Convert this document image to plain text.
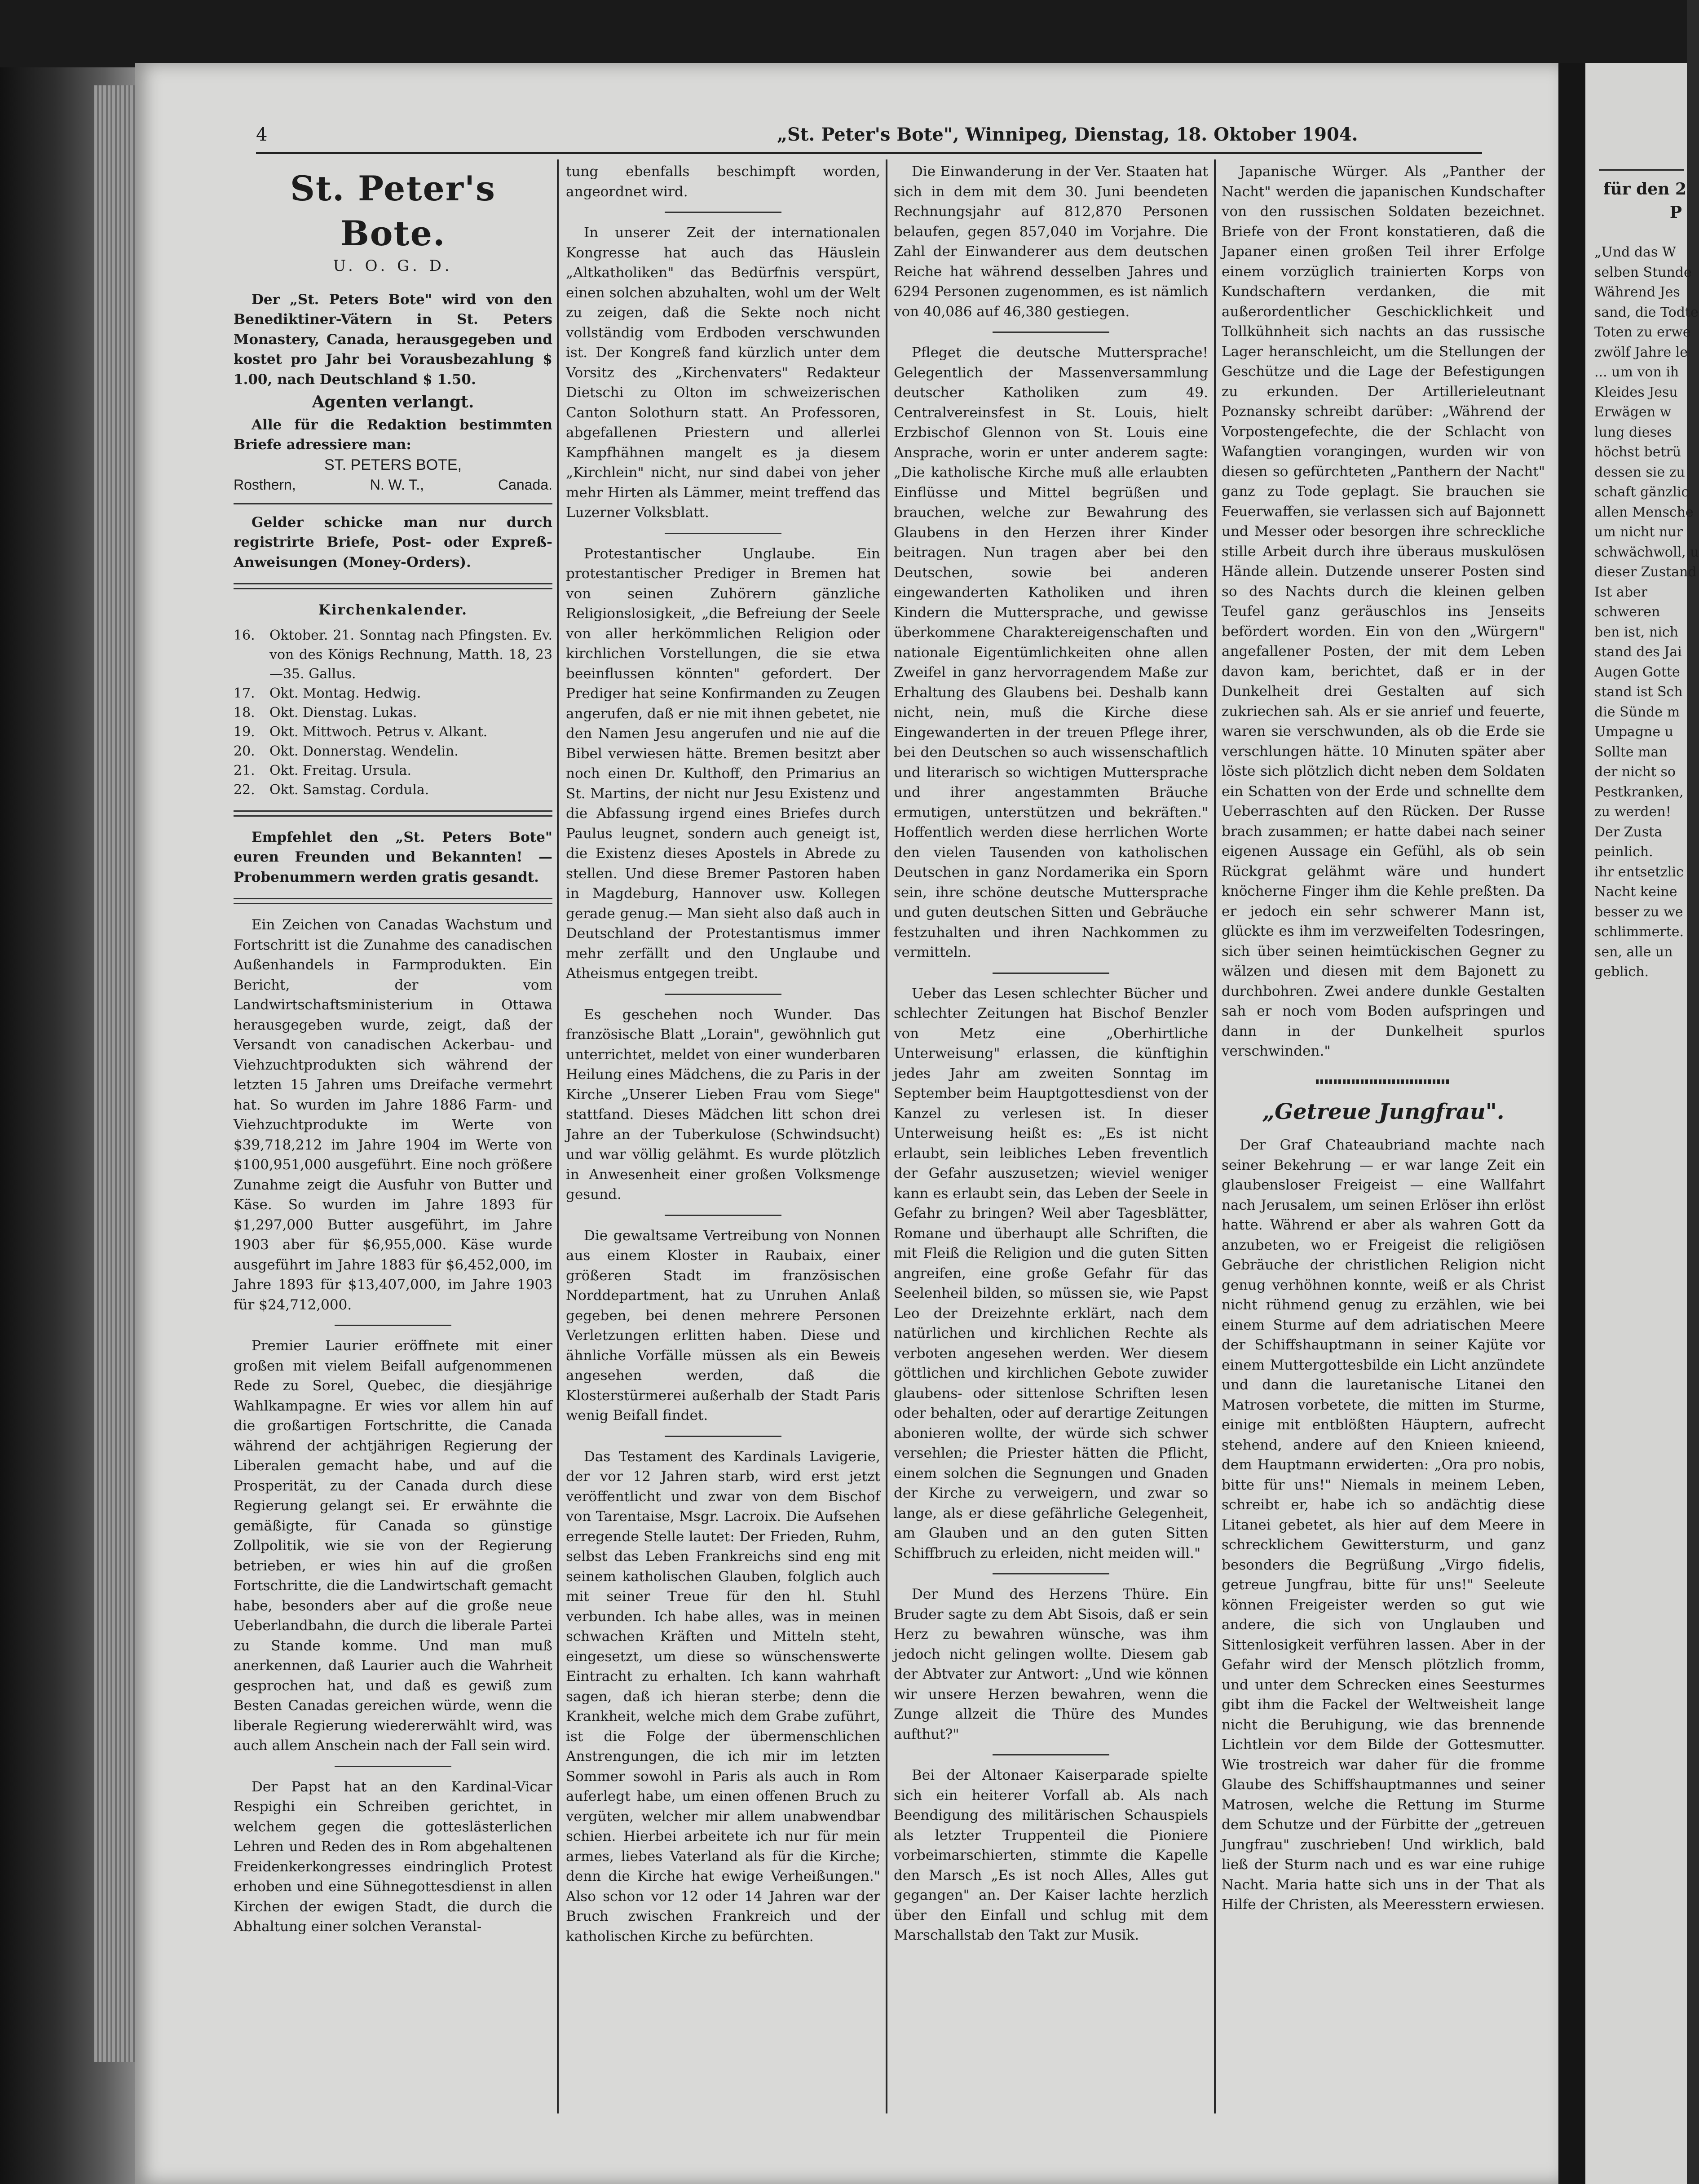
4	„St. Peter's Bote", Winnipeg, Dienstag, 18. Oktober 1904.
St. Peter's Bote.
U. O. G. D.
Der „St. Peters Bote" wird von den Benediktiner-Vätern in St. Peters Monastery, Canada, herausgegeben und kostet pro Jahr bei Vorausbezahlung $ 1.00, nach Deutschland $ 1.50.
Agenten verlangt.
Alle für die Redaktion bestimmten Briefe adressiere man:
ST. PETERS BOTE,
Rosthern,	N. W. T.,	Canada.
Gelder schicke man nur durch registrirte Briefe, Post- oder Expreß-Anweisungen (Money-Orders).
Kirchenkalender.
16.	Oktober. 21. Sonntag nach Pfingsten. Ev. von des Königs Rechnung, Matth. 18, 23—35. Gallus.
17.	Okt. Montag. Hedwig.
18.	Okt. Dienstag. Lukas.
19.	Okt. Mittwoch. Petrus v. Alkant.
20.	Okt. Donnerstag. Wendelin.
21.	Okt. Freitag. Ursula.
22.	Okt. Samstag. Cordula.
Empfehlet den „St. Peters Bote" euren Freunden und Bekannten! — Probenummern werden gratis gesandt.

Ein Zeichen von Canadas Wachstum und Fortschritt ist die Zunahme des canadischen Außenhandels in Farmprodukten. Ein Bericht, der vom Landwirtschaftsministerium in Ottawa herausgegeben wurde, zeigt, daß der Versandt von canadischen Ackerbau- und Viehzuchtprodukten sich während der letzten 15 Jahren ums Dreifache vermehrt hat. So wurden im Jahre 1886 Farm- und Viehzuchtprodukte im Werte von $39,718,212 im Jahre 1904 im Werte von $100,951,000 ausgeführt. Eine noch größere Zunahme zeigt die Ausfuhr von Butter und Käse. So wurden im Jahre 1893 für $1,297,000 Butter ausgeführt, im Jahre 1903 aber für $6,955,000. Käse wurde ausgeführt im Jahre 1883 für $6,452,000, im Jahre 1893 für $13,407,000, im Jahre 1903 für $24,712,000.

Premier Laurier eröffnete mit einer großen mit vielem Beifall aufgenommenen Rede zu Sorel, Quebec, die diesjährige Wahlkampagne. Er wies vor allem hin auf die großartigen Fortschritte, die Canada während der achtjährigen Regierung der Liberalen gemacht habe, und auf die Prosperität, zu der Canada durch diese Regierung gelangt sei. Er erwähnte die gemäßigte, für Canada so günstige Zollpolitik, wie sie von der Regierung betrieben, er wies hin auf die großen Fortschritte, die die Landwirtschaft gemacht habe, besonders aber auf die große neue Ueberlandbahn, die durch die liberale Partei zu Stande komme. Und man muß anerkennen, daß Laurier auch die Wahrheit gesprochen hat, und daß es gewiß zum Besten Canadas gereichen würde, wenn die liberale Regierung wiedererwählt wird, was auch allem Anschein nach der Fall sein wird.

Der Papst hat an den Kardinal-Vicar Respighi ein Schreiben gerichtet, in welchem gegen die gotteslästerlichen Lehren und Reden des in Rom abgehaltenen Freidenkerkongresses eindringlich Protest erhoben und eine Sühnegottesdienst in allen Kirchen der ewigen Stadt, die durch die Abhaltung einer solchen Veranstal-

tung ebenfalls beschimpft worden, angeordnet wird.

In unserer Zeit der internationalen Kongresse hat auch das Häuslein „Altkatholiken" das Bedürfnis verspürt, einen solchen abzuhalten, wohl um der Welt zu zeigen, daß die Sekte noch nicht vollständig vom Erdboden verschwunden ist. Der Kongreß fand kürzlich unter dem Vorsitz des „Kirchenvaters" Redakteur Dietschi zu Olton im schweizerischen Canton Solothurn statt. An Professoren, abgefallenen Priestern und allerlei Kampfhähnen mangelt es ja diesem „Kirchlein" nicht, nur sind dabei von jeher mehr Hirten als Lämmer, meint treffend das Luzerner Volksblatt.

Protestantischer Unglaube. Ein protestantischer Prediger in Bremen hat von seinen Zuhörern gänzliche Religionslosigkeit, „die Befreiung der Seele von aller herkömmlichen Religion oder kirchlichen Vorstellungen, die sie etwa beeinflussen könnten" gefordert. Der Prediger hat seine Konfirmanden zu Zeugen angerufen, daß er nie mit ihnen gebetet, nie den Namen Jesu angerufen und nie auf die Bibel verwiesen hätte. Bremen besitzt aber noch einen Dr. Kulthoff, den Primarius an St. Martins, der nicht nur Jesu Existenz und die Abfassung irgend eines Briefes durch Paulus leugnet, sondern auch geneigt ist, die Existenz dieses Apostels in Abrede zu stellen. Und diese Bremer Pastoren haben in Magdeburg, Hannover usw. Kollegen gerade genug.— Man sieht also daß auch in Deutschland der Protestantismus immer mehr zerfällt und den Unglaube und Atheismus entgegen treibt.

Es geschehen noch Wunder. Das französische Blatt „Lorain", gewöhnlich gut unterrichtet, meldet von einer wunderbaren Heilung eines Mädchens, die zu Paris in der Kirche „Unserer Lieben Frau vom Siege" stattfand. Dieses Mädchen litt schon drei Jahre an der Tuberkulose (Schwindsucht) und war völlig gelähmt. Es wurde plötzlich in Anwesenheit einer großen Volksmenge gesund.

Die gewaltsame Vertreibung von Nonnen aus einem Kloster in Raubaix, einer größeren Stadt im französischen Norddepartment, hat zu Unruhen Anlaß gegeben, bei denen mehrere Personen Verletzungen erlitten haben. Diese und ähnliche Vorfälle müssen als ein Beweis angesehen werden, daß die Klosterstürmerei außerhalb der Stadt Paris wenig Beifall findet.

Das Testament des Kardinals Lavigerie, der vor 12 Jahren starb, wird erst jetzt veröffentlicht und zwar von dem Bischof von Tarentaise, Msgr. Lacroix. Die Aufsehen erregende Stelle lautet: Der Frieden, Ruhm, selbst das Leben Frankreichs sind eng mit seinem katholischen Glauben, folglich auch mit seiner Treue für den hl. Stuhl verbunden. Ich habe alles, was in meinen schwachen Kräften und Mitteln steht, eingesetzt, um diese so wünschenswerte Eintracht zu erhalten. Ich kann wahrhaft sagen, daß ich hieran sterbe; denn die Krankheit, welche mich dem Grabe zuführt, ist die Folge der übermenschlichen Anstrengungen, die ich mir im letzten Sommer sowohl in Paris als auch in Rom auferlegt habe, um einen offenen Bruch zu vergüten, welcher mir allem unabwendbar schien. Hierbei arbeitete ich nur für mein armes, liebes Vaterland als für die Kirche; denn die Kirche hat ewige Verheißungen." Also schon vor 12 oder 14 Jahren war der Bruch zwischen Frankreich und der katholischen Kirche zu befürchten.

Die Einwanderung in der Ver. Staaten hat sich in dem mit dem 30. Juni beendeten Rechnungsjahr auf 812,870 Personen belaufen, gegen 857,040 im Vorjahre. Die Zahl der Einwanderer aus dem deutschen Reiche hat während desselben Jahres und 6294 Personen zugenommen, es ist nämlich von 40,086 auf 46,380 gestiegen.

Pfleget die deutsche Muttersprache! Gelegentlich der Massenversammlung deutscher Katholiken zum 49. Centralvereinsfest in St. Louis, hielt Erzbischof Glennon von St. Louis eine Ansprache, worin er unter anderem sagte: „Die katholische Kirche muß alle erlaubten Einflüsse und Mittel begrüßen und brauchen, welche zur Bewahrung des Glaubens in den Herzen ihrer Kinder beitragen. Nun tragen aber bei den Deutschen, sowie bei anderen eingewanderten Katholiken und ihren Kindern die Muttersprache, und gewisse überkommene Charaktereigenschaften und nationale Eigentümlichkeiten ohne allen Zweifel in ganz hervorragendem Maße zur Erhaltung des Glaubens bei. Deshalb kann nicht, nein, muß die Kirche diese Eingewanderten in der treuen Pflege ihrer, bei den Deutschen so auch wissenschaftlich und literarisch so wichtigen Muttersprache und ihrer angestammten Bräuche ermutigen, unterstützen und bekräften." Hoffentlich werden diese herrlichen Worte den vielen Tausenden von katholischen Deutschen in ganz Nordamerika ein Sporn sein, ihre schöne deutsche Muttersprache und guten deutschen Sitten und Gebräuche festzuhalten und ihren Nachkommen zu vermitteln.

Ueber das Lesen schlechter Bücher und schlechter Zeitungen hat Bischof Benzler von Metz eine „Oberhirtliche Unterweisung" erlassen, die künftighin jedes Jahr am zweiten Sonntag im September beim Hauptgottesdienst von der Kanzel zu verlesen ist. In dieser Unterweisung heißt es: „Es ist nicht erlaubt, sein leibliches Leben freventlich der Gefahr auszusetzen; wieviel weniger kann es erlaubt sein, das Leben der Seele in Gefahr zu bringen? Weil aber Tagesblätter, Romane und überhaupt alle Schriften, die mit Fleiß die Religion und die guten Sitten angreifen, eine große Gefahr für das Seelenheil bilden, so müssen sie, wie Papst Leo der Dreizehnte erklärt, nach dem natürlichen und kirchlichen Rechte als verboten angesehen werden. Wer diesem göttlichen und kirchlichen Gebote zuwider glaubens- oder sittenlose Schriften lesen oder behalten, oder auf derartige Zeitungen abonieren wollte, der würde sich schwer versehlen; die Priester hätten die Pflicht, einem solchen die Segnungen und Gnaden der Kirche zu verweigern, und zwar so lange, als er diese gefährliche Gelegenheit, am Glauben und an den guten Sitten Schiffbruch zu erleiden, nicht meiden will."

Der Mund des Herzens Thüre. Ein Bruder sagte zu dem Abt Sisois, daß er sein Herz zu bewahren wünsche, was ihm jedoch nicht gelingen wollte. Diesem gab der Abtvater zur Antwort: „Und wie können wir unsere Herzen bewahren, wenn die Zunge allzeit die Thüre des Mundes aufthut?"

Bei der Altonaer Kaiserparade spielte sich ein heiterer Vorfall ab. Als nach Beendigung des militärischen Schauspiels als letzter Truppenteil die Pioniere vorbeimarschierten, stimmte die Kapelle den Marsch „Es ist noch Alles, Alles gut gegangen" an. Der Kaiser lachte herzlich über den Einfall und schlug mit dem Marschallstab den Takt zur Musik.

Japanische Würger. Als „Panther der Nacht" werden die japanischen Kundschafter von den russischen Soldaten bezeichnet. Briefe von der Front konstatieren, daß die Japaner einen großen Teil ihrer Erfolge einem vorzüglich trainierten Korps von Kundschaftern verdanken, die mit außerordentlicher Geschicklichkeit und Tollkühnheit sich nachts an das russische Lager heranschleicht, um die Stellungen der Geschütze und die Lage der Befestigungen zu erkunden. Der Artillerieleutnant Poznansky schreibt darüber: „Während der Vorpostengefechte, die der Schlacht von Wafangtien vorangingen, wurden wir von diesen so gefürchteten „Panthern der Nacht" ganz zu Tode geplagt. Sie brauchen sie Feuerwaffen, sie verlassen sich auf Bajonnett und Messer oder besorgen ihre schreckliche stille Arbeit durch ihre überaus muskulösen Hände allein. Dutzende unserer Posten sind so des Nachts durch die kleinen gelben Teufel ganz geräuschlos ins Jenseits befördert worden. Ein von den „Würgern" angefallener Posten, der mit dem Leben davon kam, berichtet, daß er in der Dunkelheit drei Gestalten auf sich zukriechen sah. Als er sie anrief und feuerte, waren sie verschwunden, als ob die Erde sie verschlungen hätte. 10 Minuten später aber löste sich plötzlich dicht neben dem Soldaten ein Schatten von der Erde und schnellte dem Ueberraschten auf den Rücken. Der Russe brach zusammen; er hatte dabei nach seiner eigenen Aussage ein Gefühl, als ob sein Rückgrat gelähmt wäre und hundert knöcherne Finger ihm die Kehle preßten. Da er jedoch ein sehr schwerer Mann ist, glückte es ihm im verzweifelten Todesringen, sich über seinen heimtückischen Gegner zu wälzen und diesen mit dem Bajonett zu durchbohren. Zwei andere dunkle Gestalten sah er noch vom Boden aufspringen und dann in der Dunkelheit spurlos verschwinden."

„Getreue Jungfrau".

Der Graf Chateaubriand machte nach seiner Bekehrung — er war lange Zeit ein glaubensloser Freigeist — eine Wallfahrt nach Jerusalem, um seinen Erlöser ihn erlöst hatte. Während er aber als wahren Gott da anzubeten, wo er Freigeist die religiösen Gebräuche der christlichen Religion nicht genug verhöhnen konnte, weiß er als Christ nicht rühmend genug zu erzählen, wie bei einem Sturme auf dem adriatischen Meere der Schiffshauptmann in seiner Kajüte vor einem Muttergottesbilde ein Licht anzündete und dann die lauretanische Litanei den Matrosen vorbetete, die mitten im Sturme, einige mit entblößten Häuptern, aufrecht stehend, andere auf den Knieen knieend, dem Hauptmann erwiderten: „Ora pro nobis, bitte für uns!" Niemals in meinem Leben, schreibt er, habe ich so andächtig diese Litanei gebetet, als hier auf dem Meere in schrecklichem Gewittersturm, und ganz besonders die Begrüßung „Virgo fidelis, getreue Jungfrau, bitte für uns!" Seeleute können Freigeister werden so gut wie andere, die sich von Unglauben und Sittenlosigkeit verführen lassen. Aber in der Gefahr wird der Mensch plötzlich fromm, und unter dem Schrecken eines Seesturmes gibt ihm die Fackel der Weltweisheit lange nicht die Beruhigung, wie das brennende Lichtlein vor dem Bilde der Gottesmutter. Wie trostreich war daher für die fromme Glaube des Schiffshauptmannes und seiner Matrosen, welche die Rettung im Sturme dem Schutze und der Fürbitte der „getreuen Jungfrau" zuschrieben! Und wirklich, bald ließ der Sturm nach und es war eine ruhige Nacht. Maria hatte sich uns in der That als Hilfe der Christen, als Meeresstern erwiesen.

für den 2
P
„Und das W
selben Stunde
Während Jes
sand, die Todte
Toten zu erwe
zwölf Jahre le
... um von ih
Kleides Jesu
Erwägen w
lung dieses
höchst betrü
dessen sie zu
schaft gänzlic
allen Mensche
um nicht nur
schwächwoll, u
dieser Zustand
Ist aber
schweren
ben ist, nich
stand des Jai
Augen Gotte
stand ist Sch
die Sünde m
Umpagne u
Sollte man
der nicht so
Pestkranken,
zu werden!
Der Zusta
peinlich.
ihr entsetzlic
Nacht keine
besser zu we
schlimmerte.
sen, alle un
geblich.
